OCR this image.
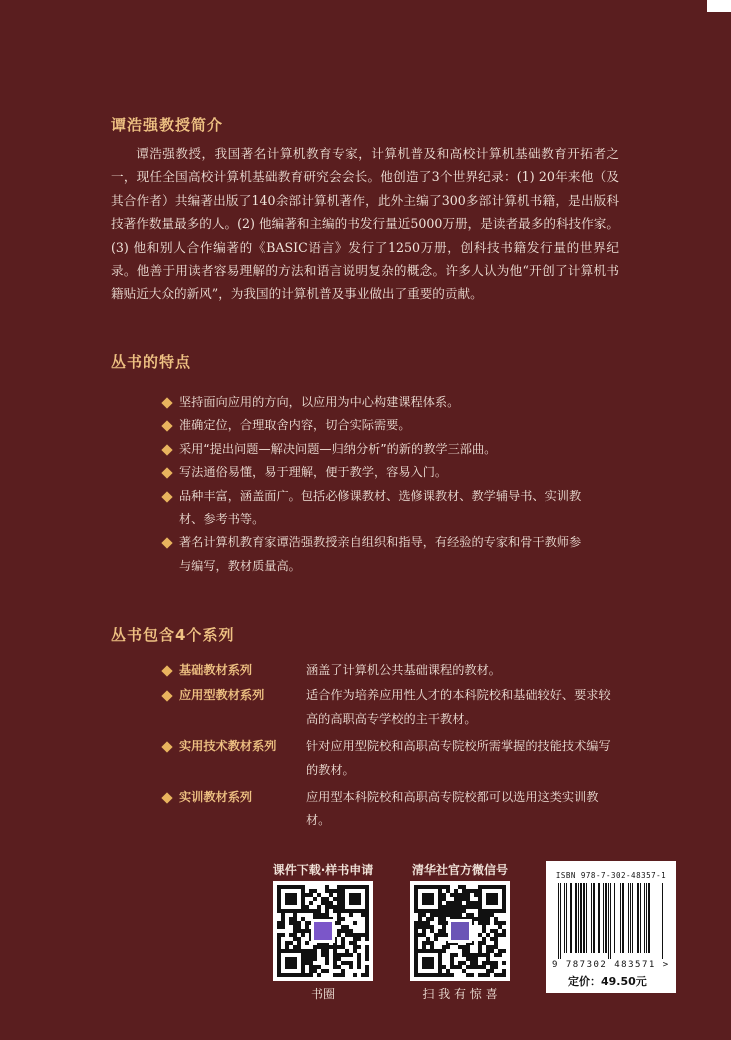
谭浩强教授简介
谭浩强教授，我国著名计算机教育专家，计算机普及和高校计算机基础教育开拓者之一，现任全国高校计算机基础教育研究会会长。他创造了3个世界纪录：(1) 20年来他（及其合作者）共编著出版了140余部计算机著作，此外主编了300多部计算机书籍，是出版科技著作数量最多的人。(2) 他编著和主编的书发行量近5000万册，是读者最多的科技作家。(3) 他和别人合作编著的《BASIC语言》发行了1250万册，创科技书籍发行量的世界纪录。他善于用读者容易理解的方法和语言说明复杂的概念。许多人认为他“开创了计算机书籍贴近大众的新风”，为我国的计算机普及事业做出了重要的贡献。
丛书的特点
坚持面向应用的方向，以应用为中心构建课程体系。
准确定位，合理取舍内容，切合实际需要。
采用“提出问题—解决问题—归纳分析”的新的教学三部曲。
写法通俗易懂，易于理解，便于教学，容易入门。
品种丰富，涵盖面广。包括必修课教材、选修课教材、教学辅导书、实训教材、参考书等。
著名计算机教育家谭浩强教授亲自组织和指导，有经验的专家和骨干教师参与编写，教材质量高。
丛书包含4个系列
基础教材系列	涵盖了计算机公共基础课程的教材。
应用型教材系列	适合作为培养应用性人才的本科院校和基础较好、要求较高的高职高专学校的主干教材。
实用技术教材系列 针对应用型院校和高职高专院校所需掌握的技能技术编写的教材。
实训教材系列	应用型本科院校和高职高专院校都可以选用这类实训教材。
课件下载·样书申请
书圈
清华社官方微信号
扫 我 有 惊 喜
ISBN 978-7-302-48357-1
9 787302 483571 >
定价：49.50元
